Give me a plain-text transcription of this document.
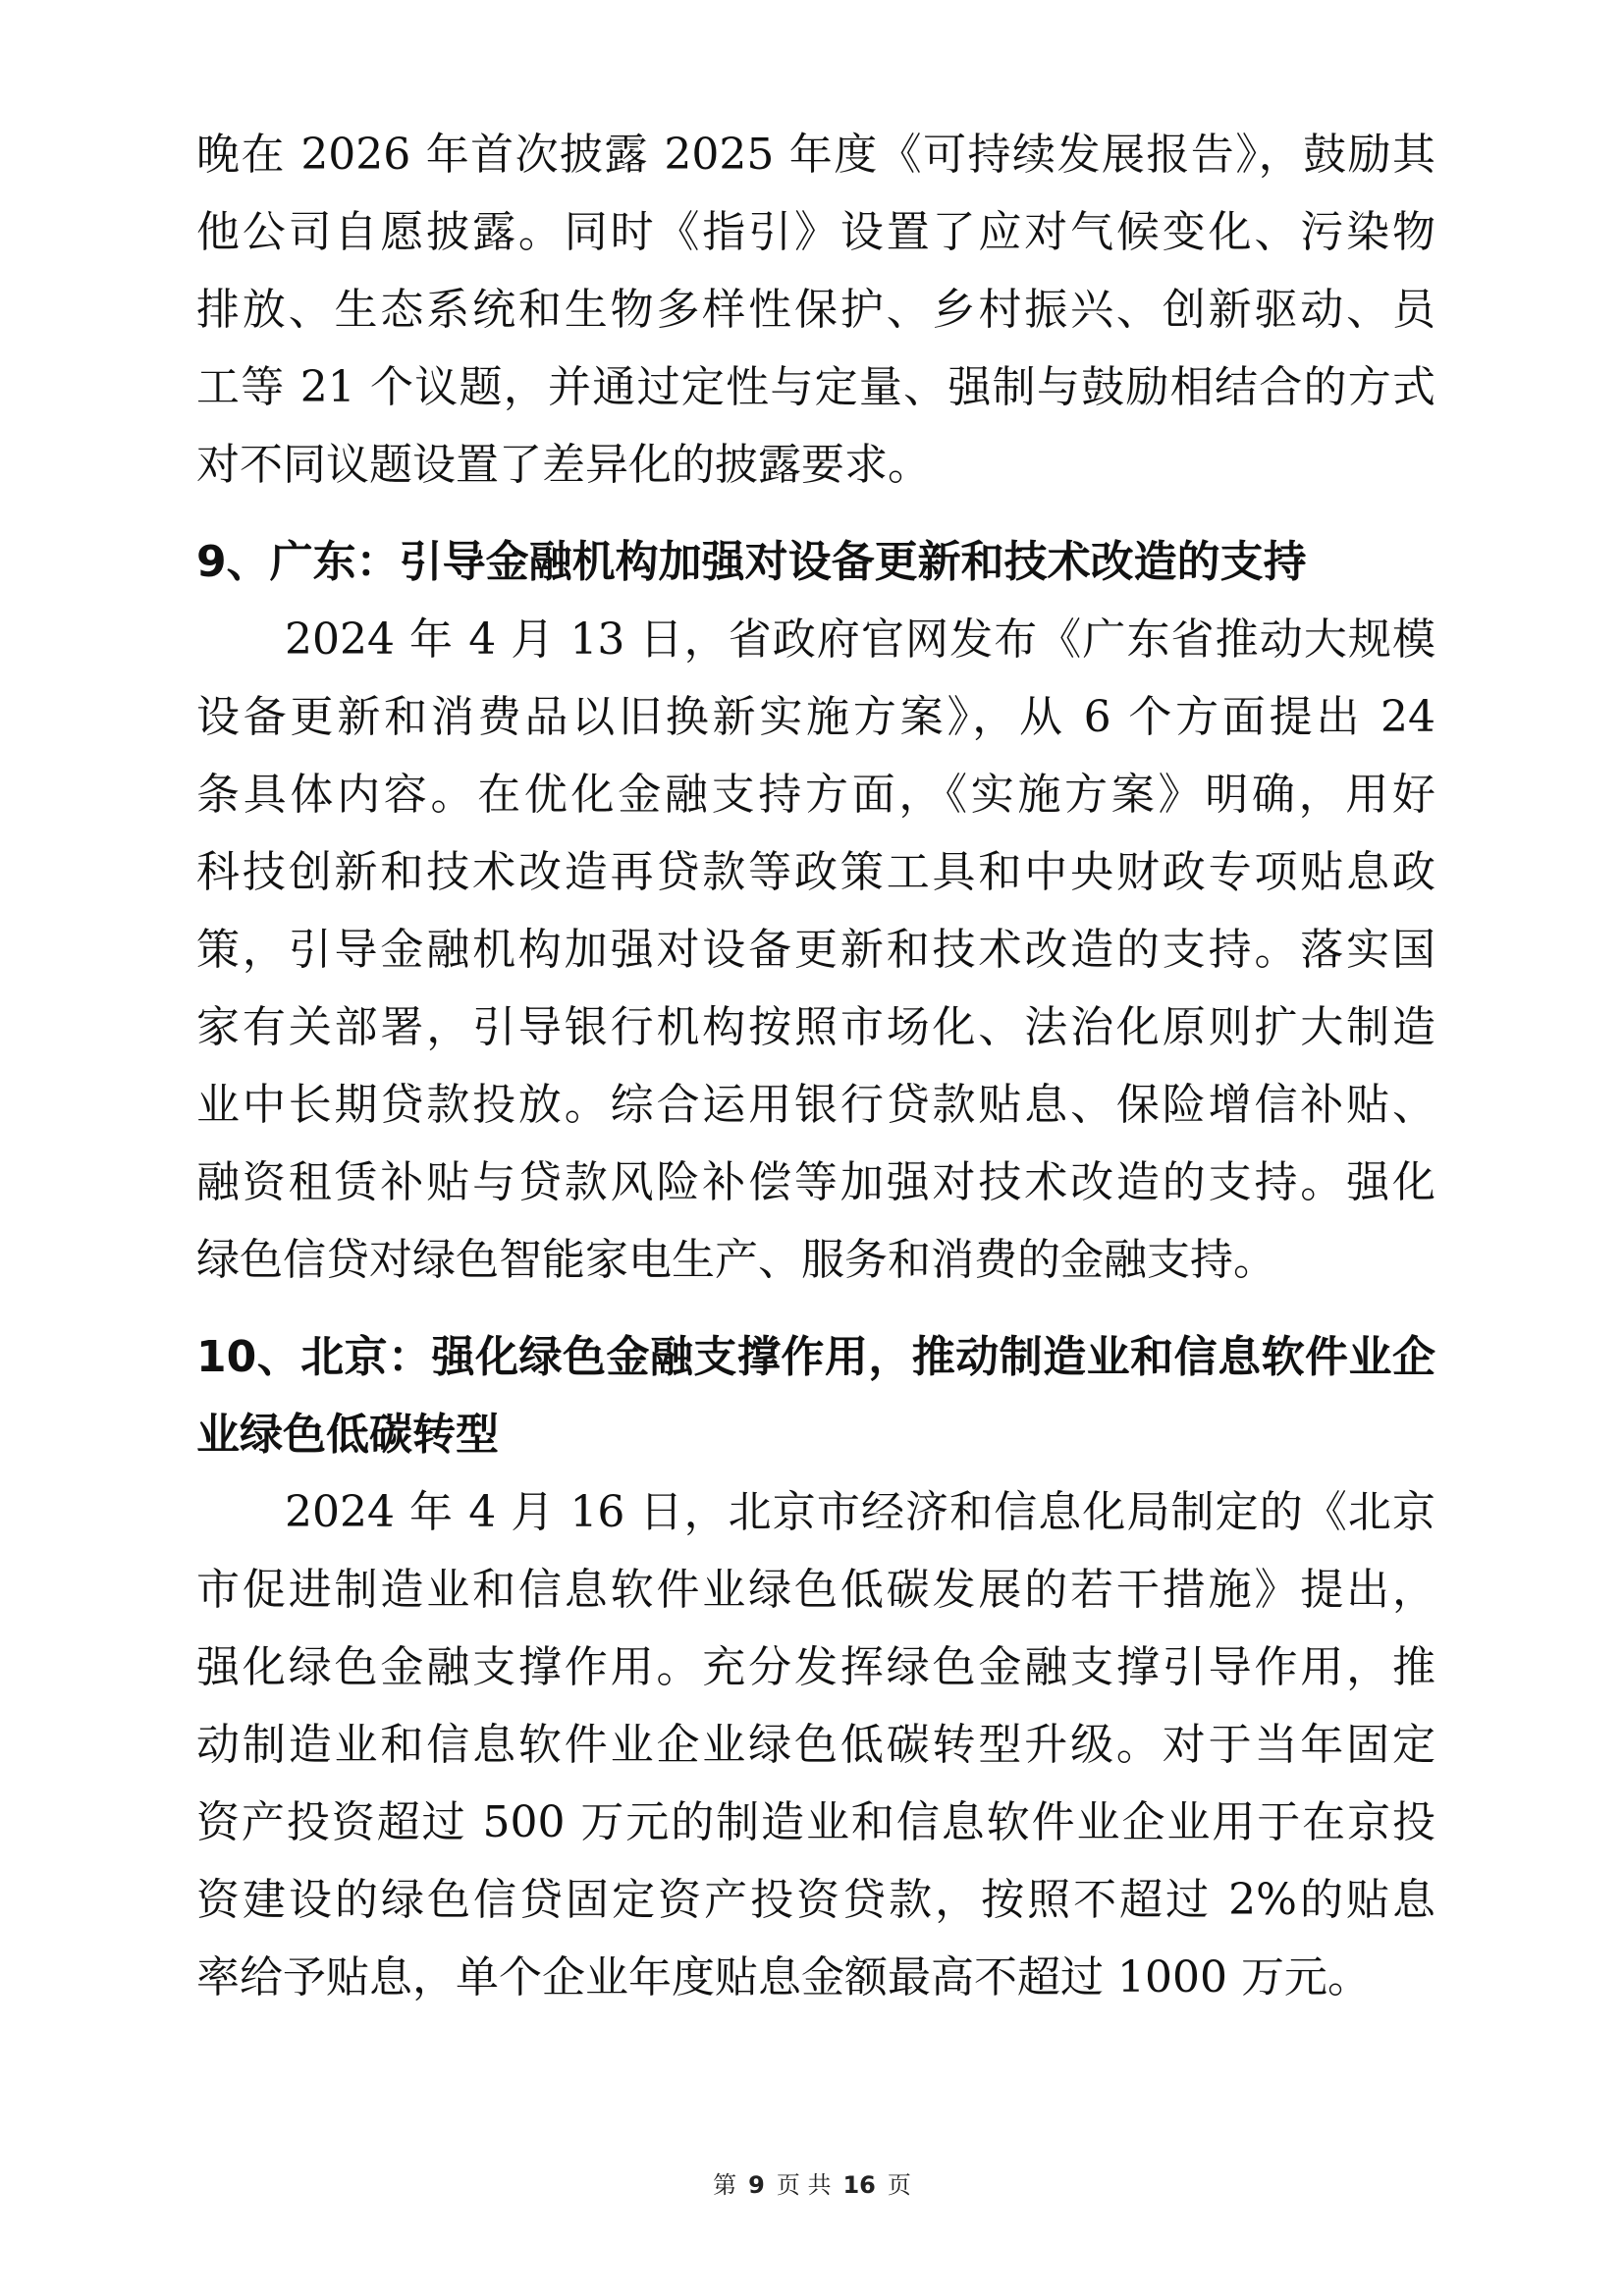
晚在 2026 年首次披露 2025 年度《可持续发展报告》，鼓励其
他公司自愿披露。同时《指引》设置了应对气候变化、污染物
排放、生态系统和生物多样性保护、乡村振兴、创新驱动、员
工等 21 个议题，并通过定性与定量、强制与鼓励相结合的方式
对不同议题设置了差异化的披露要求。
9、广东：引导金融机构加强对设备更新和技术改造的支持
2024 年 4 月 13 日，省政府官网发布《广东省推动大规模
设备更新和消费品以旧换新实施方案》，从 6 个方面提出 24
条具体内容。在优化金融支持方面，《实施方案》明确，用好
科技创新和技术改造再贷款等政策工具和中央财政专项贴息政
策，引导金融机构加强对设备更新和技术改造的支持。落实国
家有关部署，引导银行机构按照市场化、法治化原则扩大制造
业中长期贷款投放。综合运用银行贷款贴息、保险增信补贴、
融资租赁补贴与贷款风险补偿等加强对技术改造的支持。强化
绿色信贷对绿色智能家电生产、服务和消费的金融支持。
10、北京：强化绿色金融支撑作用，推动制造业和信息软件业企
业绿色低碳转型
2024 年 4 月 16 日，北京市经济和信息化局制定的《北京
市促进制造业和信息软件业绿色低碳发展的若干措施》提出，
强化绿色金融支撑作用。充分发挥绿色金融支撑引导作用，推
动制造业和信息软件业企业绿色低碳转型升级。对于当年固定
资产投资超过 500 万元的制造业和信息软件业企业用于在京投
资建设的绿色信贷固定资产投资贷款，按照不超过 2%的贴息
率给予贴息，单个企业年度贴息金额最高不超过 1000 万元。
第 9 页 共 16 页
